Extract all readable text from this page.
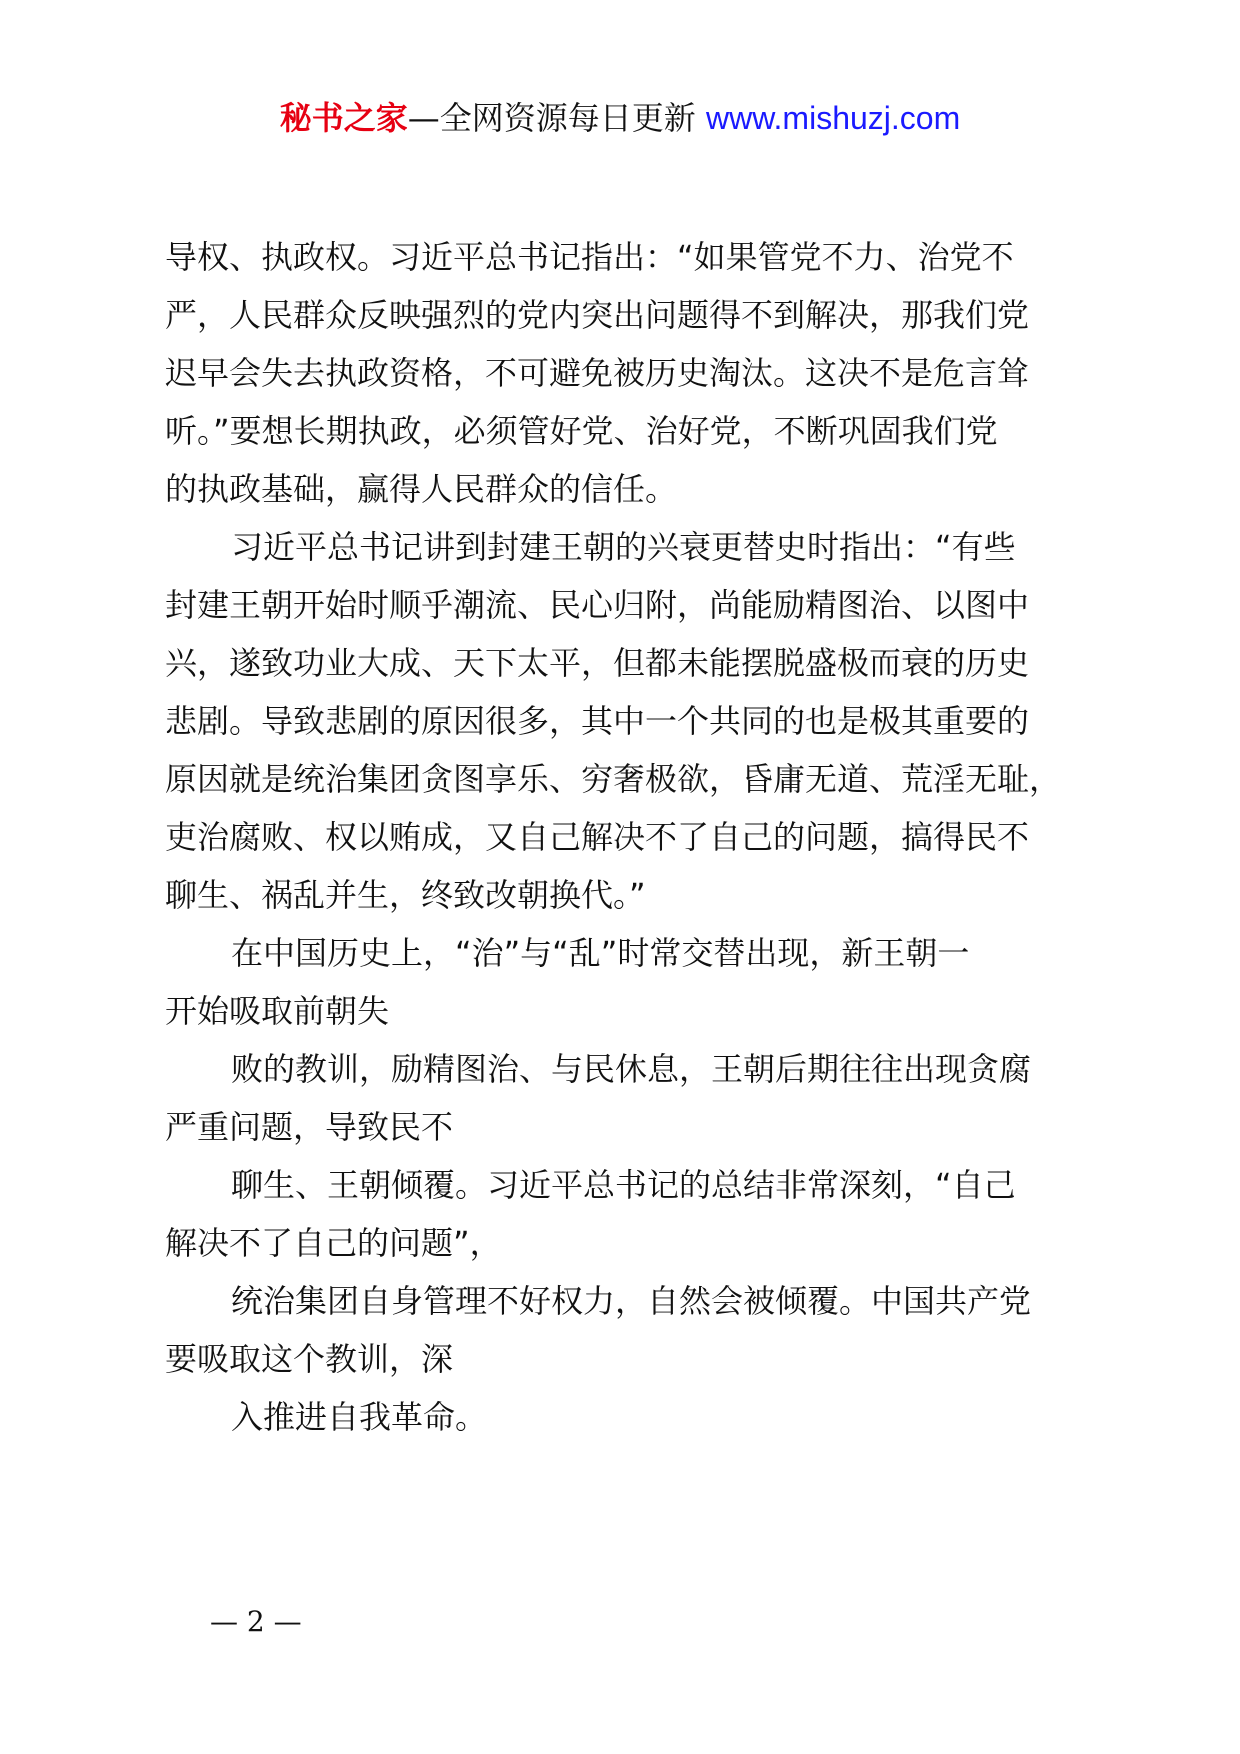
秘书之家—全网资源每日更新 www.mishuzj.com
导权、执政权。习近平总书记指出：“如果管党不力、治党不
严，人民群众反映强烈的党内突出问题得不到解决，那我们党
迟早会失去执政资格，不可避免被历史淘汰。这决不是危言耸
听。”要想长期执政，必须管好党、治好党，不断巩固我们党
的执政基础，赢得人民群众的信任。
习近平总书记讲到封建王朝的兴衰更替史时指出：“有些
封建王朝开始时顺乎潮流、民心归附，尚能励精图治、以图中
兴，遂致功业大成、天下太平，但都未能摆脱盛极而衰的历史
悲剧。导致悲剧的原因很多，其中一个共同的也是极其重要的
原因就是统治集团贪图享乐、穷奢极欲，昏庸无道、荒淫无耻，
吏治腐败、权以贿成，又自己解决不了自己的问题，搞得民不
聊生、祸乱并生，终致改朝换代。”
在中国历史上，“治”与“乱”时常交替出现，新王朝一
开始吸取前朝失
败的教训，励精图治、与民休息，王朝后期往往出现贪腐
严重问题，导致民不
聊生、王朝倾覆。习近平总书记的总结非常深刻，“自己
解决不了自己的问题”，
统治集团自身管理不好权力，自然会被倾覆。中国共产党
要吸取这个教训，深
入推进自我革命。
— 2 —
